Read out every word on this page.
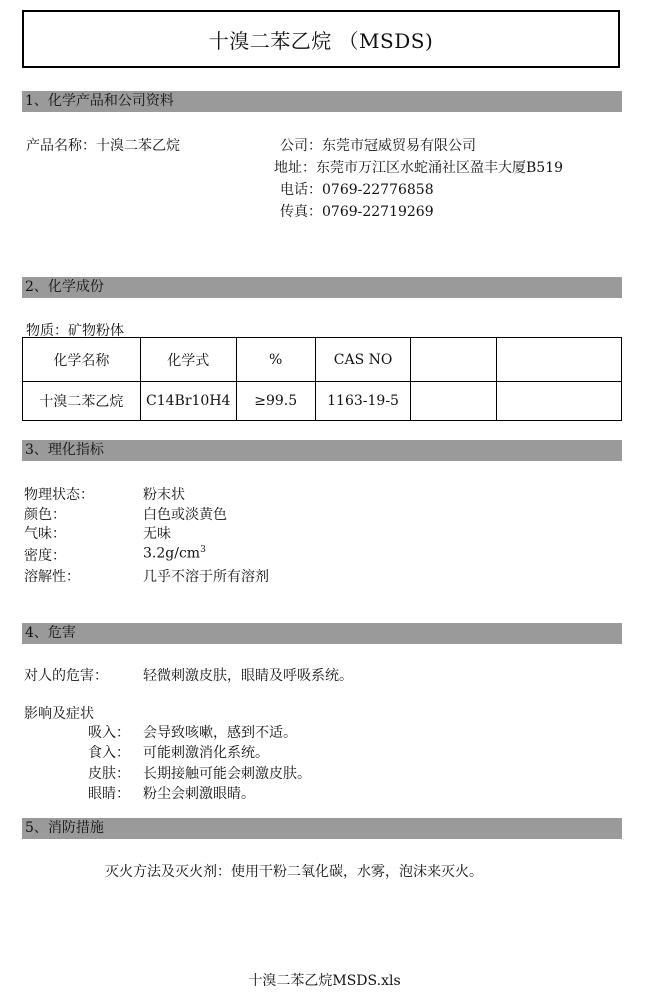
十溴二苯乙烷 （MSDS)
1、化学产品和公司资料
产品名称：十溴二苯乙烷	公司：东莞市冠威贸易有限公司
地址：东莞市万江区水蛇涌社区盈丰大厦B519
电话：0769-22776858
传真：0769-22719269
2、化学成份
物质：矿物粉体
化学名称	化学式	%	CAS NO		
十溴二苯乙烷	C14Br10H4	≥99.5	1163-19-5		
3、理化指标
物理状态：	粉末状
颜色：	白色或淡黄色
气味：	无味
密度：	$3.2g/cm^3$
溶解性：	几乎不溶于所有溶剂
4、危害
对人的危害：	轻微刺激皮肤，眼睛及呼吸系统。
影响及症状
吸入： 会导致咳嗽，感到不适。
食入： 可能刺激消化系统。
皮肤： 长期接触可能会刺激皮肤。
眼睛： 粉尘会刺激眼睛。
5、消防措施
灭火方法及灭火剂：使用干粉二氧化碳，水雾，泡沫来灭火。
十溴二苯乙烷MSDS.xls
